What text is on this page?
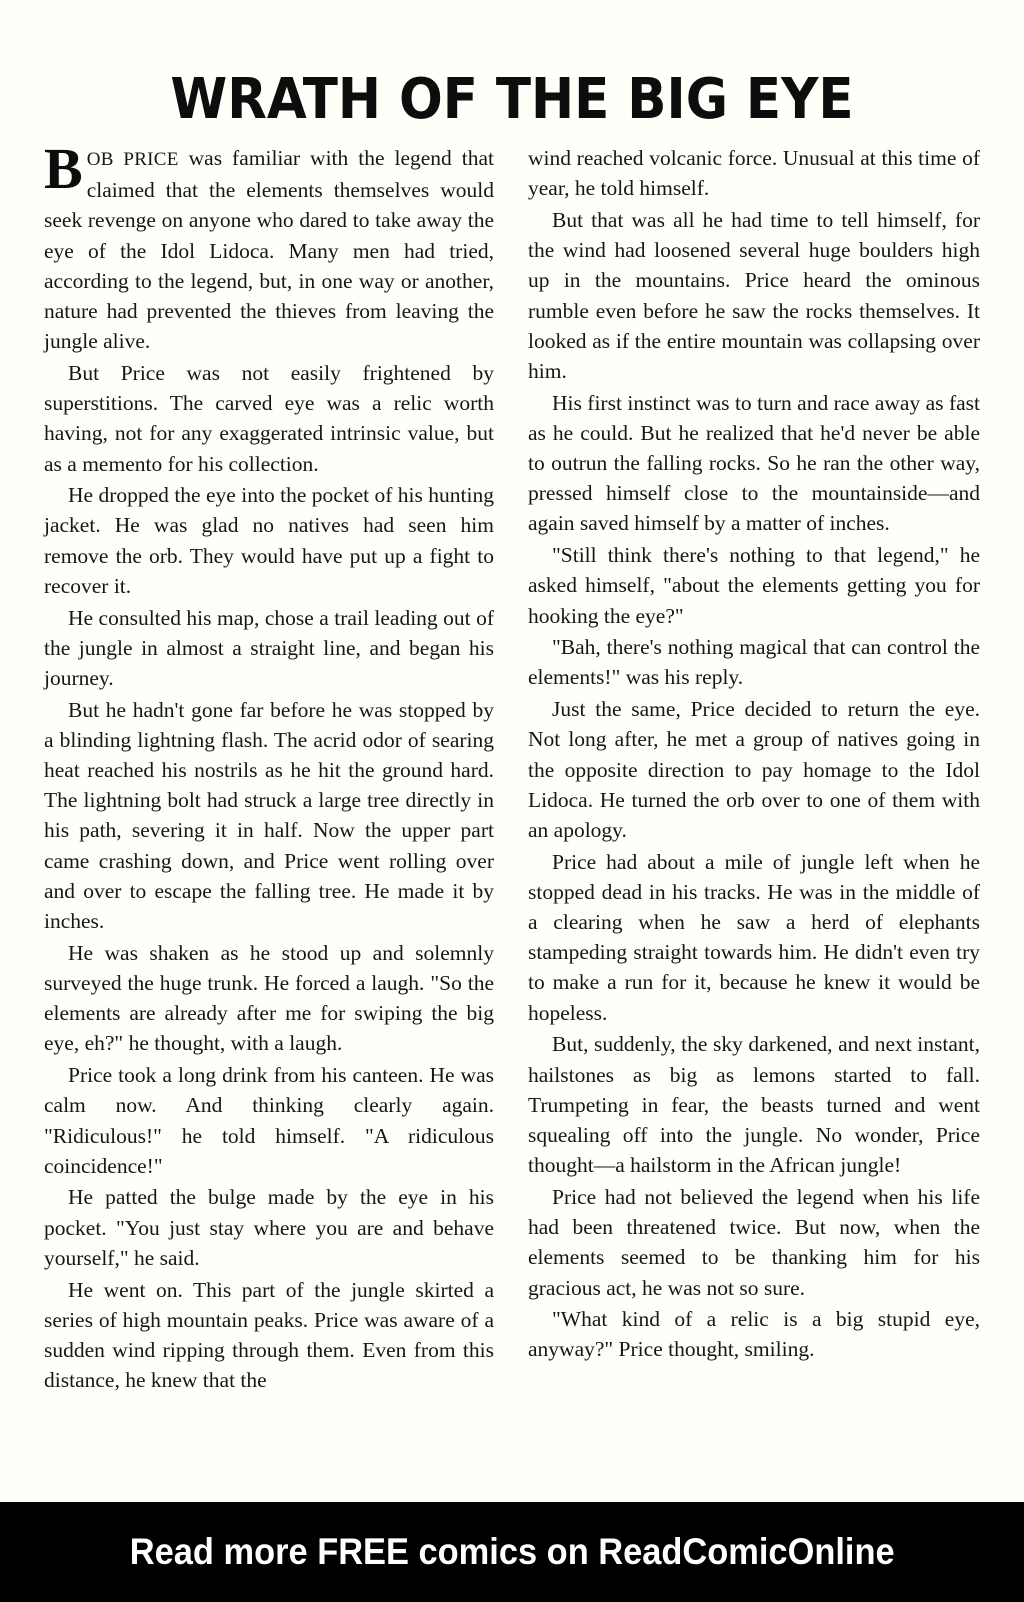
WRATH OF THE BIG EYE

BOB PRICE was familiar with the legend that claimed that the elements themselves would seek revenge on anyone who dared to take away the eye of the Idol Lidoca. Many men had tried, according to the legend, but, in one way or another, nature had prevented the thieves from leaving the jungle alive.

But Price was not easily frightened by superstitions. The carved eye was a relic worth having, not for any exaggerated intrinsic value, but as a memento for his collection.

He dropped the eye into the pocket of his hunting jacket. He was glad no natives had seen him remove the orb. They would have put up a fight to recover it.

He consulted his map, chose a trail leading out of the jungle in almost a straight line, and began his journey.

But he hadn't gone far before he was stopped by a blinding lightning flash. The acrid odor of searing heat reached his nostrils as he hit the ground hard. The lightning bolt had struck a large tree directly in his path, severing it in half. Now the upper part came crashing down, and Price went rolling over and over to escape the falling tree. He made it by inches.

He was shaken as he stood up and solemnly surveyed the huge trunk. He forced a laugh. "So the elements are already after me for swiping the big eye, eh?" he thought, with a laugh.

Price took a long drink from his canteen. He was calm now. And thinking clearly again. "Ridiculous!" he told himself. "A ridiculous coincidence!"

He patted the bulge made by the eye in his pocket. "You just stay where you are and behave yourself," he said.

He went on. This part of the jungle skirted a series of high mountain peaks. Price was aware of a sudden wind ripping through them. Even from this distance, he knew that the

wind reached volcanic force. Unusual at this time of year, he told himself.

But that was all he had time to tell himself, for the wind had loosened several huge boulders high up in the mountains. Price heard the ominous rumble even before he saw the rocks themselves. It looked as if the entire mountain was collapsing over him.

His first instinct was to turn and race away as fast as he could. But he realized that he'd never be able to outrun the falling rocks. So he ran the other way, pressed himself close to the mountainside—and again saved himself by a matter of inches.

"Still think there's nothing to that legend," he asked himself, "about the elements getting you for hooking the eye?"

"Bah, there's nothing magical that can control the elements!" was his reply.

Just the same, Price decided to return the eye. Not long after, he met a group of natives going in the opposite direction to pay homage to the Idol Lidoca. He turned the orb over to one of them with an apology.

Price had about a mile of jungle left when he stopped dead in his tracks. He was in the middle of a clearing when he saw a herd of elephants stampeding straight towards him. He didn't even try to make a run for it, because he knew it would be hopeless.

But, suddenly, the sky darkened, and next instant, hailstones as big as lemons started to fall. Trumpeting in fear, the beasts turned and went squealing off into the jungle. No wonder, Price thought—a hailstorm in the African jungle!

Price had not believed the legend when his life had been threatened twice. But now, when the elements seemed to be thanking him for his gracious act, he was not so sure.

"What kind of a relic is a big stupid eye, anyway?" Price thought, smiling.

Read more FREE comics on ReadComicOnline
